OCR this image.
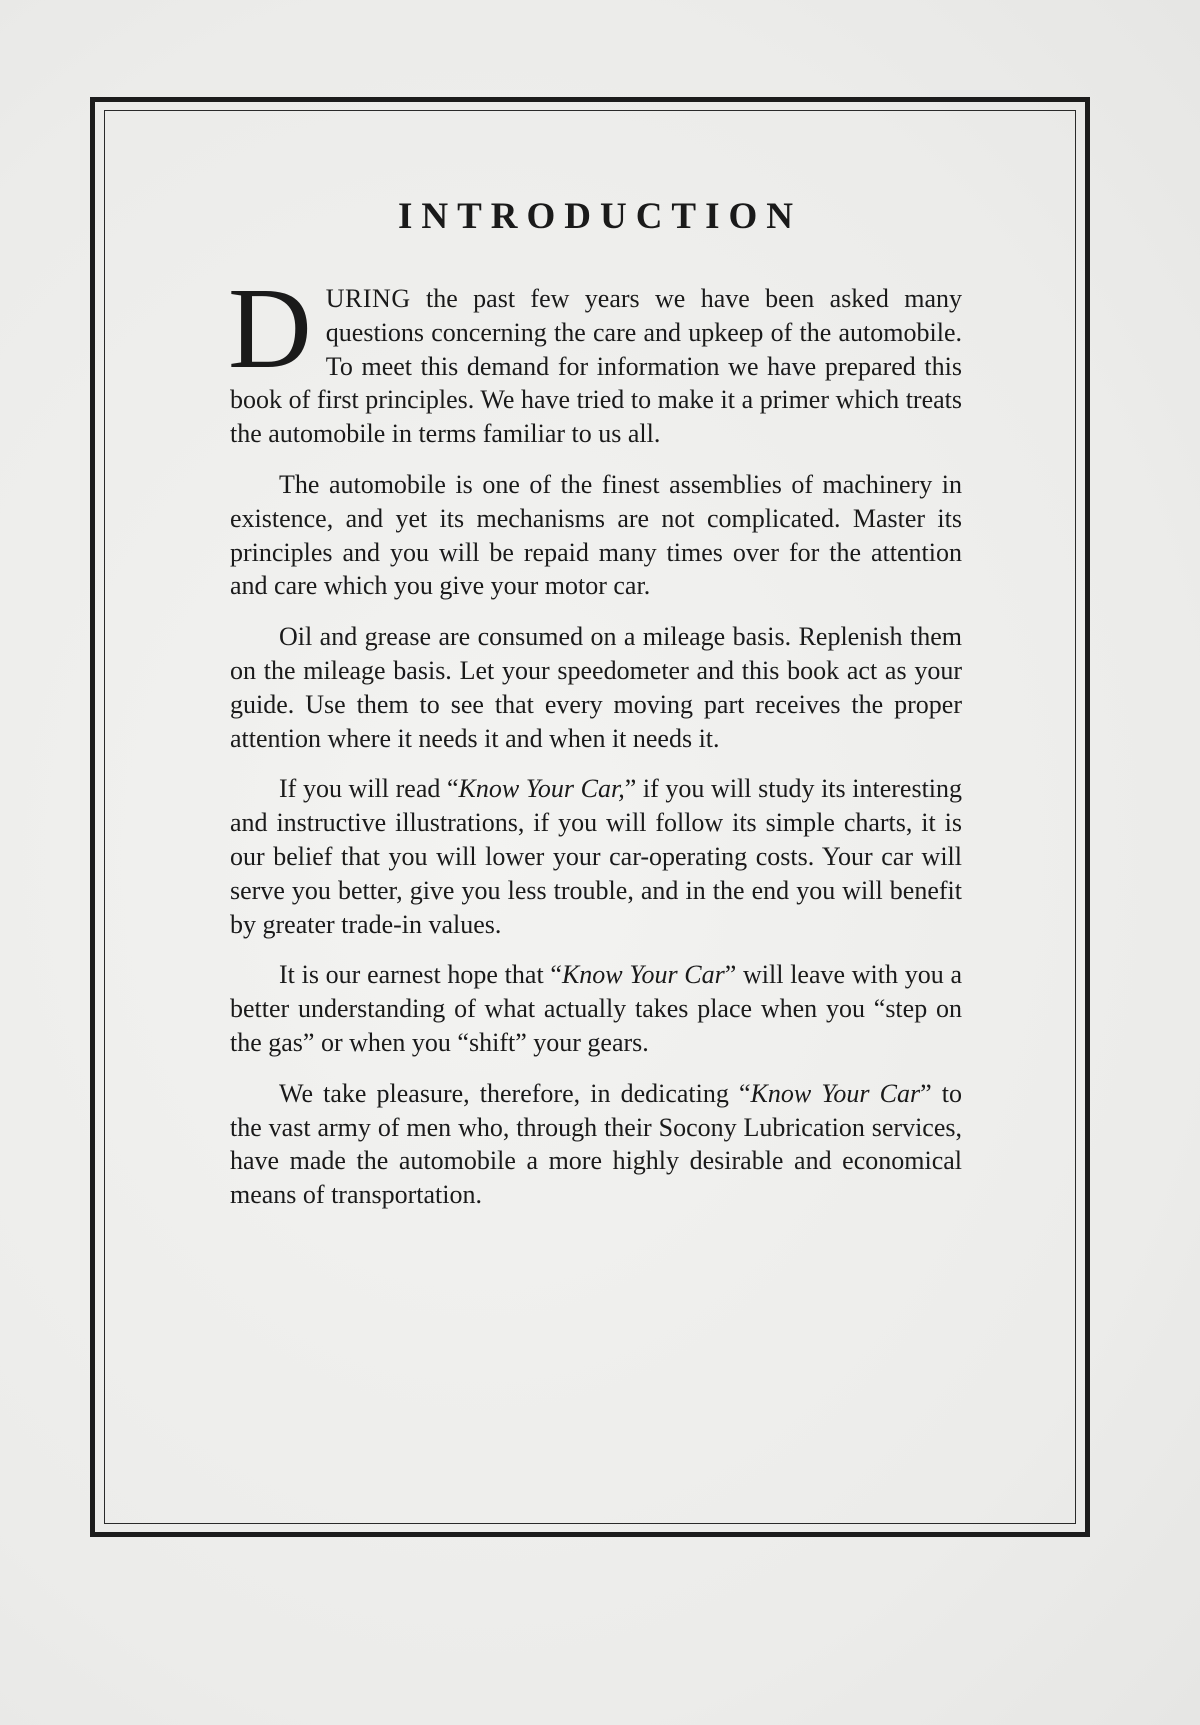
INTRODUCTION

DURING the past few years we have been asked many questions concerning the care and upkeep of the automobile. To meet this demand for information we have prepared this book of first principles. We have tried to make it a primer which treats the automobile in terms familiar to us all.

The automobile is one of the finest assemblies of machinery in existence, and yet its mechanisms are not complicated. Master its principles and you will be repaid many times over for the attention and care which you give your motor car.

Oil and grease are consumed on a mileage basis. Replenish them on the mileage basis. Let your speedometer and this book act as your guide. Use them to see that every moving part receives the proper attention where it needs it and when it needs it.

If you will read “Know Your Car,” if you will study its interesting and instructive illustrations, if you will follow its simple charts, it is our belief that you will lower your car-operating costs. Your car will serve you better, give you less trouble, and in the end you will benefit by greater trade-in values.

It is our earnest hope that “Know Your Car” will leave with you a better understanding of what actually takes place when you “step on the gas” or when you “shift” your gears.

We take pleasure, therefore, in dedicating “Know Your Car” to the vast army of men who, through their Socony Lubrication services, have made the automobile a more highly desirable and economical means of transportation.
